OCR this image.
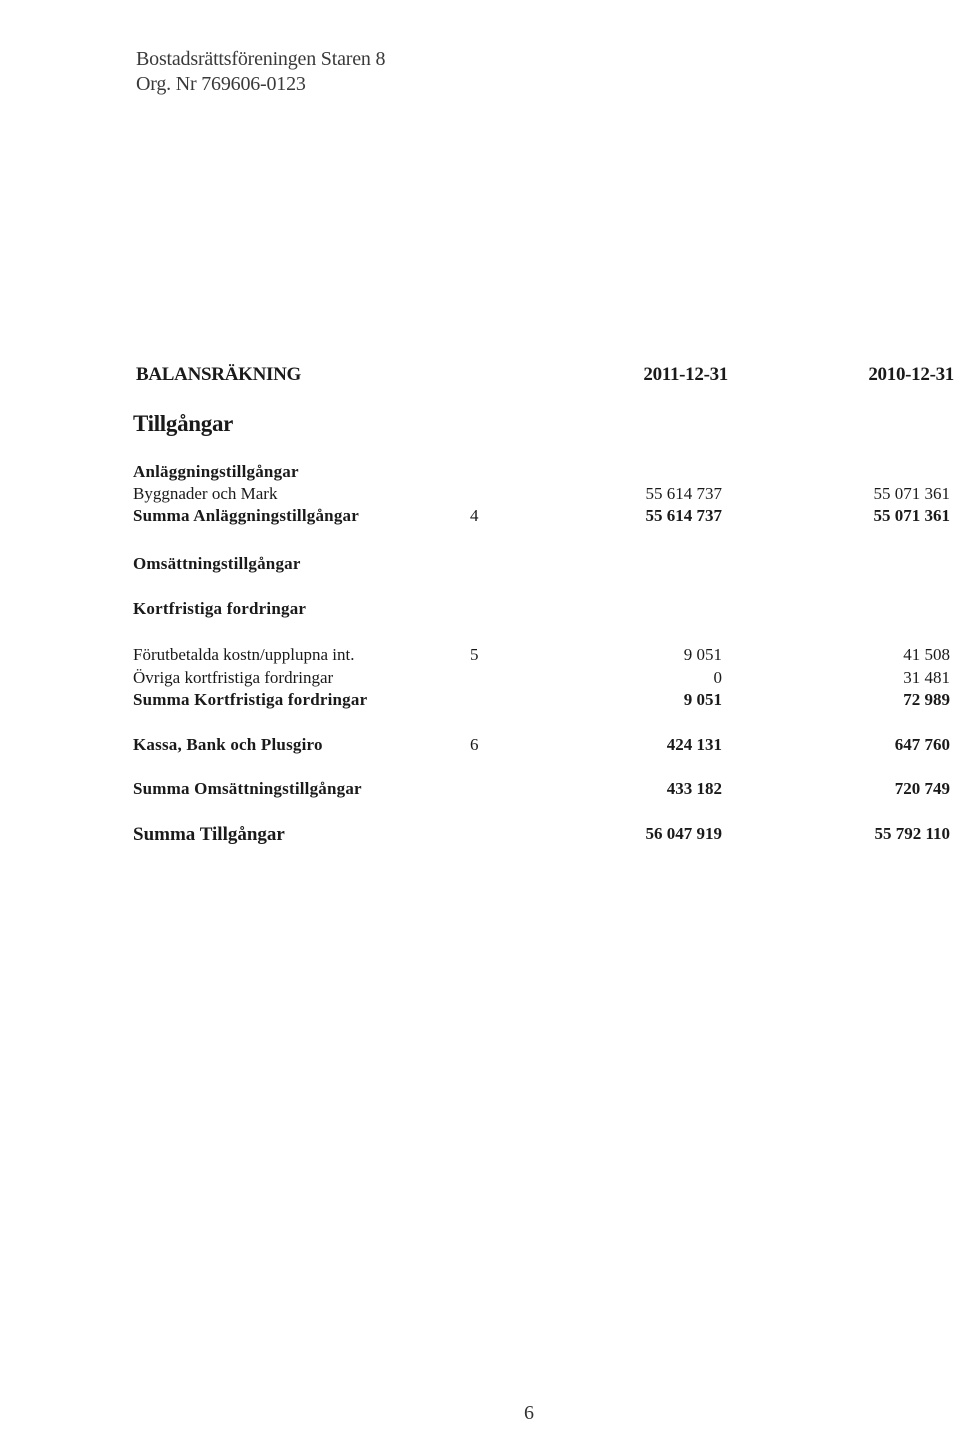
Bostadsrättsföreningen Staren 8
Org. Nr 769606-0123
BALANSRÄKNING	2011-12-31	2010-12-31
Tillgångar
Anläggningstillgångar
Byggnader och Mark	55 614 737	55 071 361
Summa Anläggningstillgångar	4	55 614 737	55 071 361
Omsättningstillgångar
Kortfristiga fordringar
Förutbetalda kostn/upplupna int.	5	9 051	41 508
Övriga kortfristiga fordringar	0	31 481
Summa Kortfristiga fordringar	9 051	72 989
Kassa, Bank och Plusgiro	6	424 131	647 760
Summa Omsättningstillgångar	433 182	720 749
Summa Tillgångar	56 047 919	55 792 110
6
